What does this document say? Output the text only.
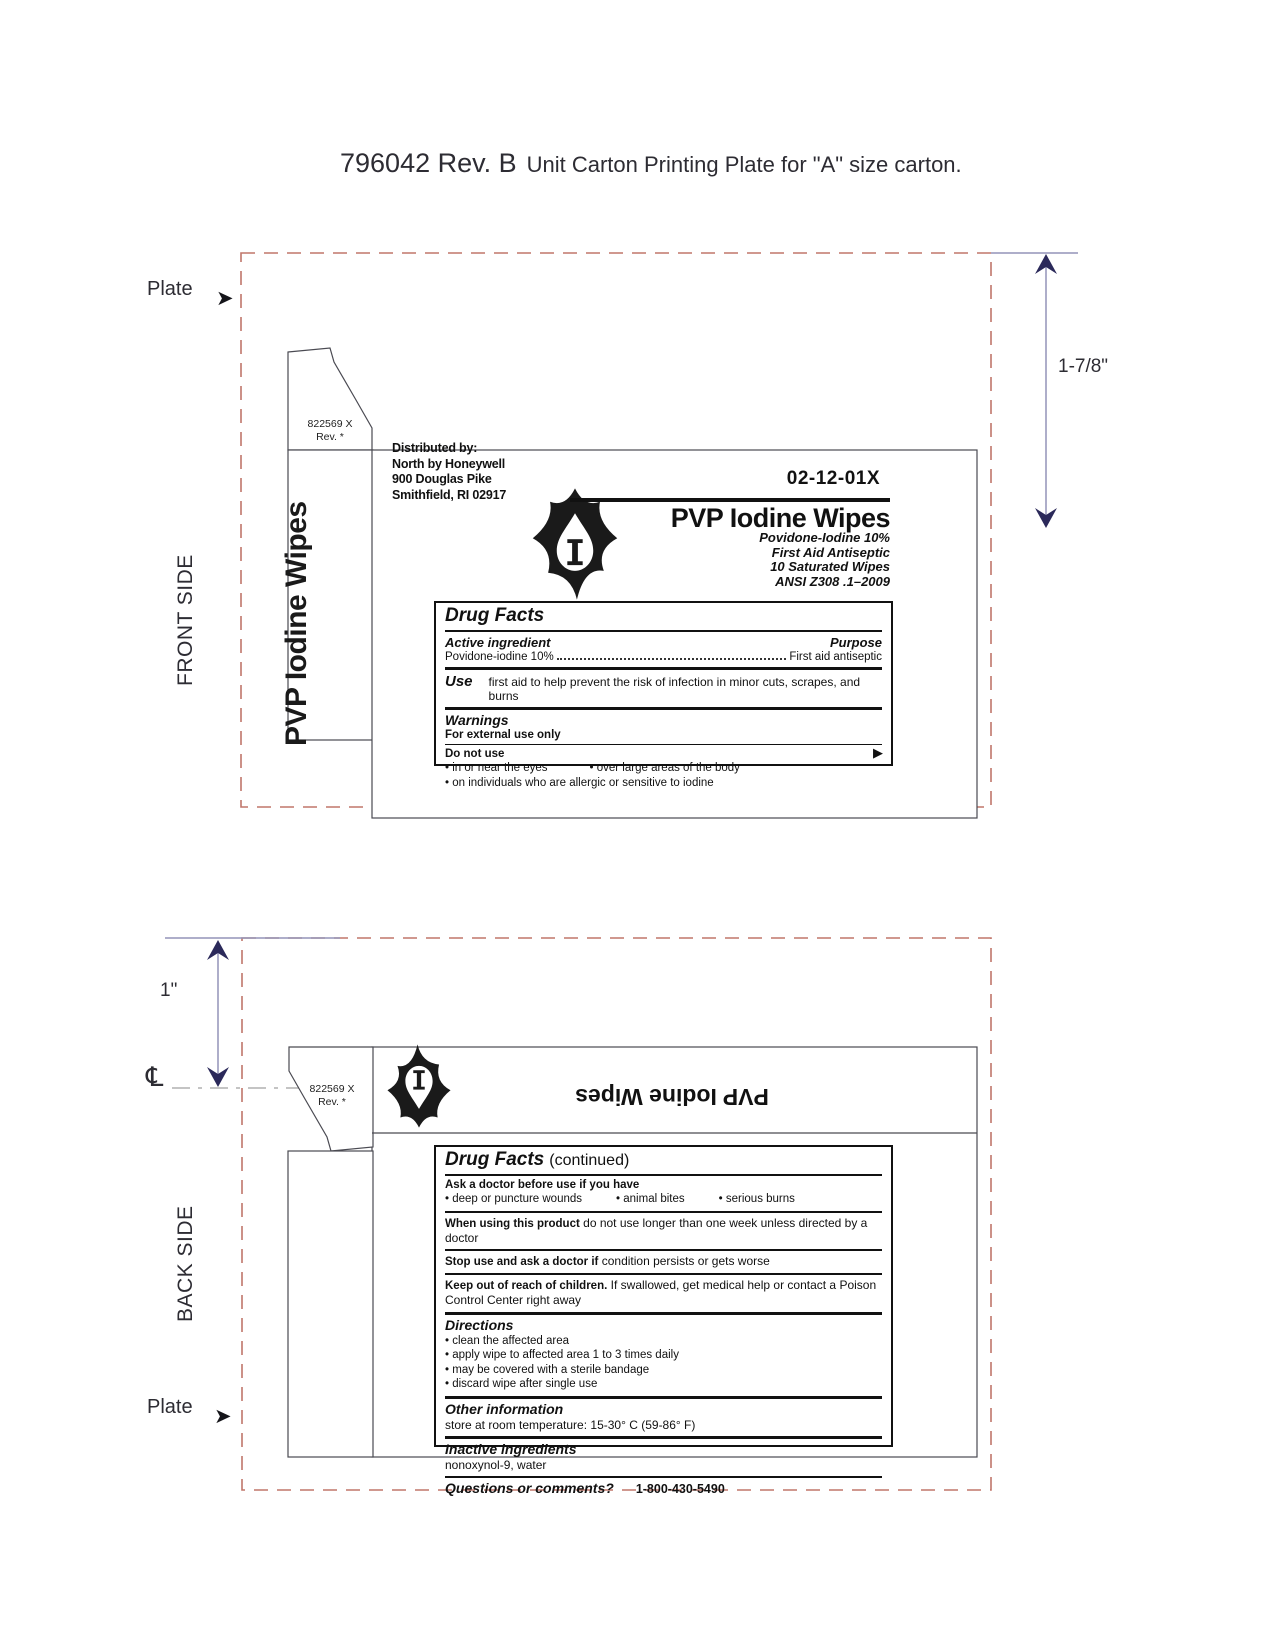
796042 Rev. B Unit Carton Printing Plate for "A" size carton.
Plate ➤
FRONT SIDE
1-7/8"
822569 X
Rev. *
PVP Iodine Wipes
Distributed by:
North by Honeywell
900 Douglas Pike
Smithfield, RI 02917
02-12-01X
PVP Iodine Wipes
Povidone-Iodine 10%
First Aid Antiseptic
10 Saturated Wipes
ANSI Z308 .1–2009
Drug Facts
Active ingredient	Purpose
Povidone-iodine 10%	First aid antiseptic
Use first aid to help prevent the risk of infection in minor cuts, scrapes, and burns
Warnings
For external use only
Do not use
• in or near the eyes	• over large areas of the body
• on individuals who are allergic or sensitive to iodine
▶
1"
℄
BACK SIDE
Plate ➤
822569 X
Rev. *	PVP Iodine Wipes
Drug Facts (continued)
Ask a doctor before use if you have
• deep or puncture wounds	• animal bites	• serious burns
When using this product do not use longer than one week unless directed by a doctor
Stop use and ask a doctor if condition persists or gets worse
Keep out of reach of children. If swallowed, get medical help or contact a Poison Control Center right away
Directions
• clean the affected area
• apply wipe to affected area 1 to 3 times daily
• may be covered with a sterile bandage
• discard wipe after single use
Other information
store at room temperature: 15-30° C (59-86° F)
Inactive ingredients
nonoxynol-9, water
Questions or comments? 1-800-430-5490
